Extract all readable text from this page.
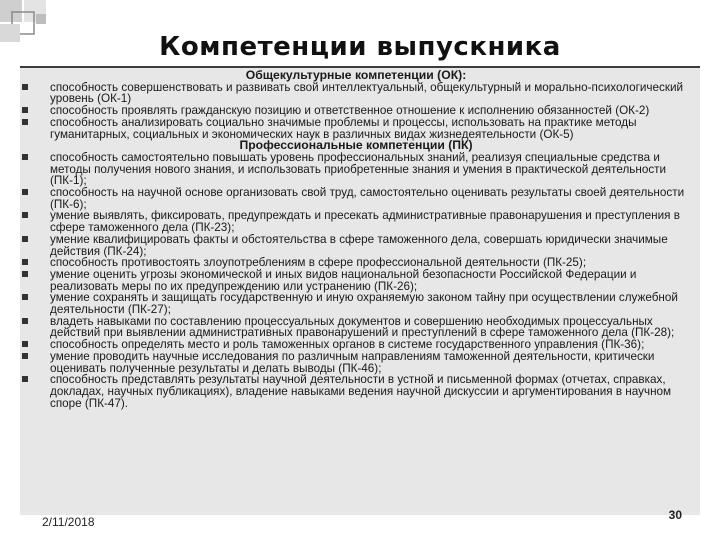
Компетенции выпускника
Общекультурные компетенции (ОК):
способность совершенствовать и развивать свой интеллектуальный, общекультурный и морально-психологический уровень (ОК-1)
способность проявлять гражданскую позицию и ответственное отношение к исполнению обязанностей (ОК-2)
способность анализировать социально значимые проблемы и процессы, использовать на практике методы гуманитарных, социальных и экономических наук в различных видах жизнедеятельности (ОК-5)
Профессиональные компетенции (ПК)
способность самостоятельно повышать уровень профессиональных знаний, реализуя специальные средства и методы получения нового знания, и использовать приобретенные знания и умения в практической деятельности (ПК-1);
способность на научной основе организовать свой труд, самостоятельно оценивать результаты своей деятельности (ПК-6);
умение выявлять, фиксировать, предупреждать и пресекать административные правонарушения и преступления в сфере таможенного дела (ПК-23);
умение квалифицировать факты и обстоятельства в сфере таможенного дела, совершать юридически значимые действия (ПК-24);
способность противостоять злоупотреблениям в сфере профессиональной деятельности (ПК-25);
умение оценить угрозы экономической и иных видов национальной безопасности Российской Федерации и реализовать меры по их предупреждению или устранению (ПК-26);
умение сохранять и защищать государственную и иную охраняемую законом тайну при осуществлении служебной деятельности (ПК-27);
владеть навыками по составлению процессуальных документов и совершению необходимых процессуальных действий при выявлении административных правонарушений и преступлений в сфере таможенного дела (ПК-28);
способность определять место и роль таможенных органов в системе государственного управления (ПК-36);
умение проводить научные исследования по различным направлениям таможенной деятельности, критически оценивать полученные результаты и делать выводы (ПК-46);
способность представлять результаты научной деятельности в устной и письменной формах (отчетах, справках, докладах, научных публикациях), владение навыками ведения научной дискуссии и аргументирования в научном споре (ПК-47).
2/11/2018	30
